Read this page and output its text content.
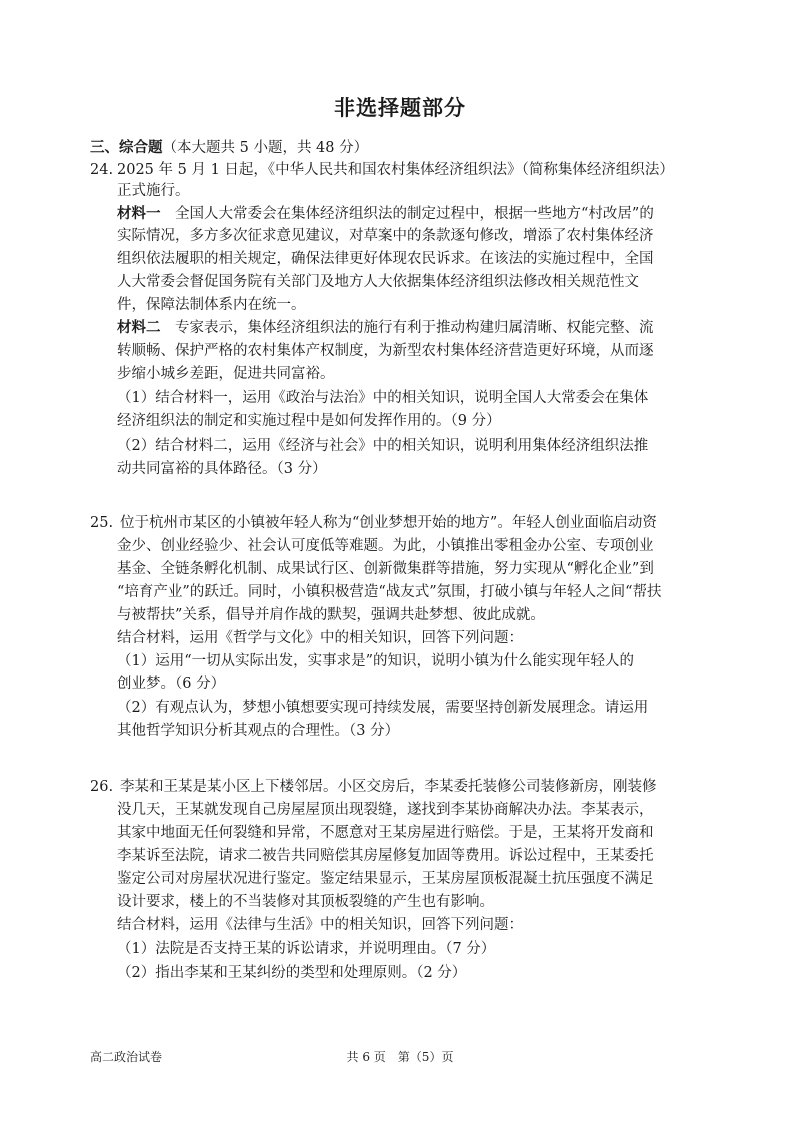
非选择题部分
三、综合题（本大题共 5 小题，共 48 分）
24. 2025 年 5 月 1 日起，《中华人民共和国农村集体经济组织法》（简称集体经济组织法）
正式施行。
材料一　 全国人大常委会在集体经济组织法的制定过程中，根据一些地方“村改居”的
实际情况，多方多次征求意见建议，对草案中的条款逐句修改，增添了农村集体经济
组织依法履职的相关规定，确保法律更好体现农民诉求。在该法的实施过程中，全国
人大常委会督促国务院有关部门及地方人大依据集体经济组织法修改相关规范性文
件，保障法制体系内在统一。
材料二　 专家表示，集体经济组织法的施行有利于推动构建归属清晰、权能完整、流
转顺畅、保护严格的农村集体产权制度，为新型农村集体经济营造更好环境，从而逐
步缩小城乡差距，促进共同富裕。
（1）结合材料一，运用《政治与法治》中的相关知识，说明全国人大常委会在集体
经济组织法的制定和实施过程中是如何发挥作用的。（9 分）
（2）结合材料二，运用《经济与社会》中的相关知识，说明利用集体经济组织法推
动共同富裕的具体路径。（3 分）
25. 位于杭州市某区的小镇被年轻人称为“创业梦想开始的地方”。年轻人创业面临启动资
金少、创业经验少、社会认可度低等难题。为此，小镇推出零租金办公室、专项创业
基金、全链条孵化机制、成果试行区、创新微集群等措施，努力实现从“孵化企业”到
“培育产业”的跃迁。同时，小镇积极营造“战友式”氛围，打破小镇与年轻人之间“帮扶
与被帮扶”关系，倡导并肩作战的默契，强调共赴梦想、彼此成就。
结合材料，运用《哲学与文化》中的相关知识，回答下列问题：
（1）运用“一切从实际出发，实事求是”的知识，说明小镇为什么能实现年轻人的
创业梦。（6 分）
（2）有观点认为，梦想小镇想要实现可持续发展，需要坚持创新发展理念。请运用
其他哲学知识分析其观点的合理性。（3 分）
26. 李某和王某是某小区上下楼邻居。小区交房后，李某委托装修公司装修新房，刚装修
没几天，王某就发现自己房屋屋顶出现裂缝，遂找到李某协商解决办法。李某表示，
其家中地面无任何裂缝和异常，不愿意对王某房屋进行赔偿。于是，王某将开发商和
李某诉至法院，请求二被告共同赔偿其房屋修复加固等费用。诉讼过程中，王某委托
鉴定公司对房屋状况进行鉴定。鉴定结果显示，王某房屋顶板混凝土抗压强度不满足
设计要求，楼上的不当装修对其顶板裂缝的产生也有影响。
结合材料，运用《法律与生活》中的相关知识，回答下列问题：
（1）法院是否支持王某的诉讼请求，并说明理由。（7 分）
（2）指出李某和王某纠纷的类型和处理原则。（2 分）
高二政治试卷	共 6 页　第（5）页
